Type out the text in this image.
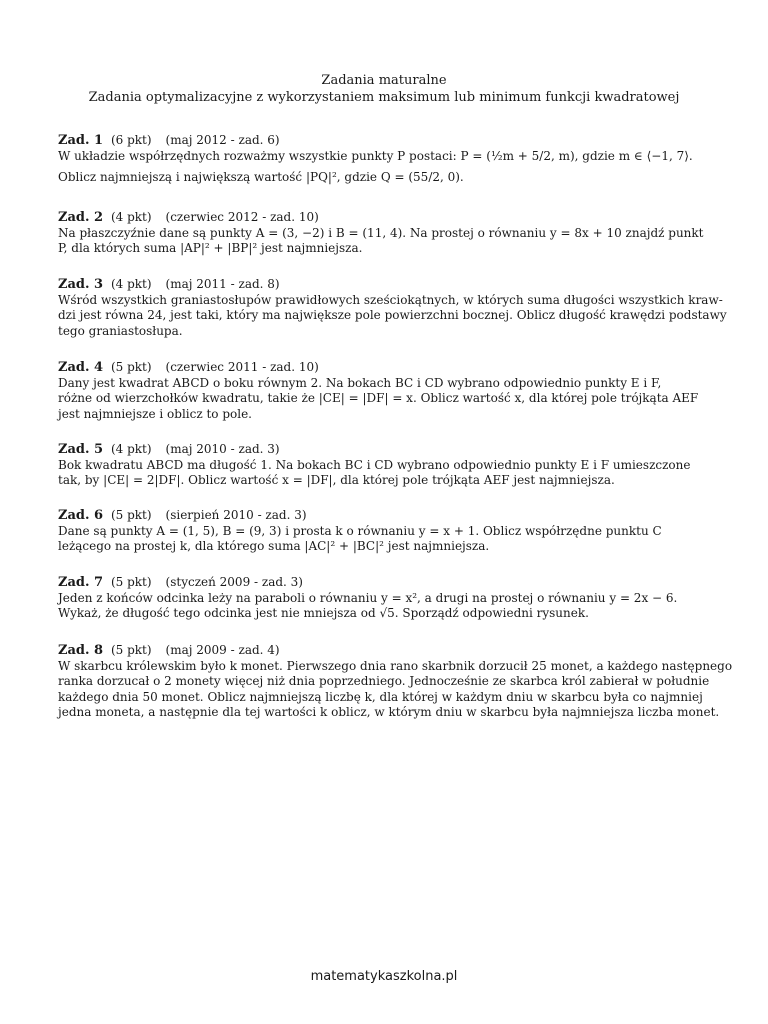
Zadania maturalne
Zadania optymalizacyjne z wykorzystaniem maksimum lub minimum funkcji kwadratowej
Zad. 1 (6 pkt) (maj 2012 - zad. 6)
W układzie współrzędnych rozważmy wszystkie punkty P postaci: P = (½m + 5/2, m), gdzie m ∈ ⟨−1, 7⟩.
Oblicz najmniejszą i największą wartość |PQ|², gdzie Q = (55/2, 0).
Zad. 2 (4 pkt) (czerwiec 2012 - zad. 10)
Na płaszczyźnie dane są punkty A = (3, −2) i B = (11, 4). Na prostej o równaniu y = 8x + 10 znajdź punkt
P, dla których suma |AP|² + |BP|² jest najmniejsza.
Zad. 3 (4 pkt) (maj 2011 - zad. 8)
Wśród wszystkich graniastosłupów prawidłowych sześciokątnych, w których suma długości wszystkich kraw-
dzi jest równa 24, jest taki, który ma największe pole powierzchni bocznej. Oblicz długość krawędzi podstawy
tego graniastosłupa.
Zad. 4 (5 pkt) (czerwiec 2011 - zad. 10)
Dany jest kwadrat ABCD o boku równym 2. Na bokach BC i CD wybrano odpowiednio punkty E i F,
różne od wierzchołków kwadratu, takie że |CE| = |DF| = x. Oblicz wartość x, dla której pole trójkąta AEF
jest najmniejsze i oblicz to pole.
Zad. 5 (4 pkt) (maj 2010 - zad. 3)
Bok kwadratu ABCD ma długość 1. Na bokach BC i CD wybrano odpowiednio punkty E i F umieszczone
tak, by |CE| = 2|DF|. Oblicz wartość x = |DF|, dla której pole trójkąta AEF jest najmniejsza.
Zad. 6 (5 pkt) (sierpień 2010 - zad. 3)
Dane są punkty A = (1, 5), B = (9, 3) i prosta k o równaniu y = x + 1. Oblicz współrzędne punktu C
leżącego na prostej k, dla którego suma |AC|² + |BC|² jest najmniejsza.
Zad. 7 (5 pkt) (styczeń 2009 - zad. 3)
Jeden z końców odcinka leży na paraboli o równaniu y = x², a drugi na prostej o równaniu y = 2x − 6.
Wykaż, że długość tego odcinka jest nie mniejsza od √5. Sporządź odpowiedni rysunek.
Zad. 8 (5 pkt) (maj 2009 - zad. 4)
W skarbcu królewskim było k monet. Pierwszego dnia rano skarbnik dorzucił 25 monet, a każdego następnego
ranka dorzucał o 2 monety więcej niż dnia poprzedniego. Jednocześnie ze skarbca król zabierał w południe
każdego dnia 50 monet. Oblicz najmniejszą liczbę k, dla której w każdym dniu w skarbcu była co najmniej
jedna moneta, a następnie dla tej wartości k oblicz, w którym dniu w skarbcu była najmniejsza liczba monet.
matematykaszkolna.pl
